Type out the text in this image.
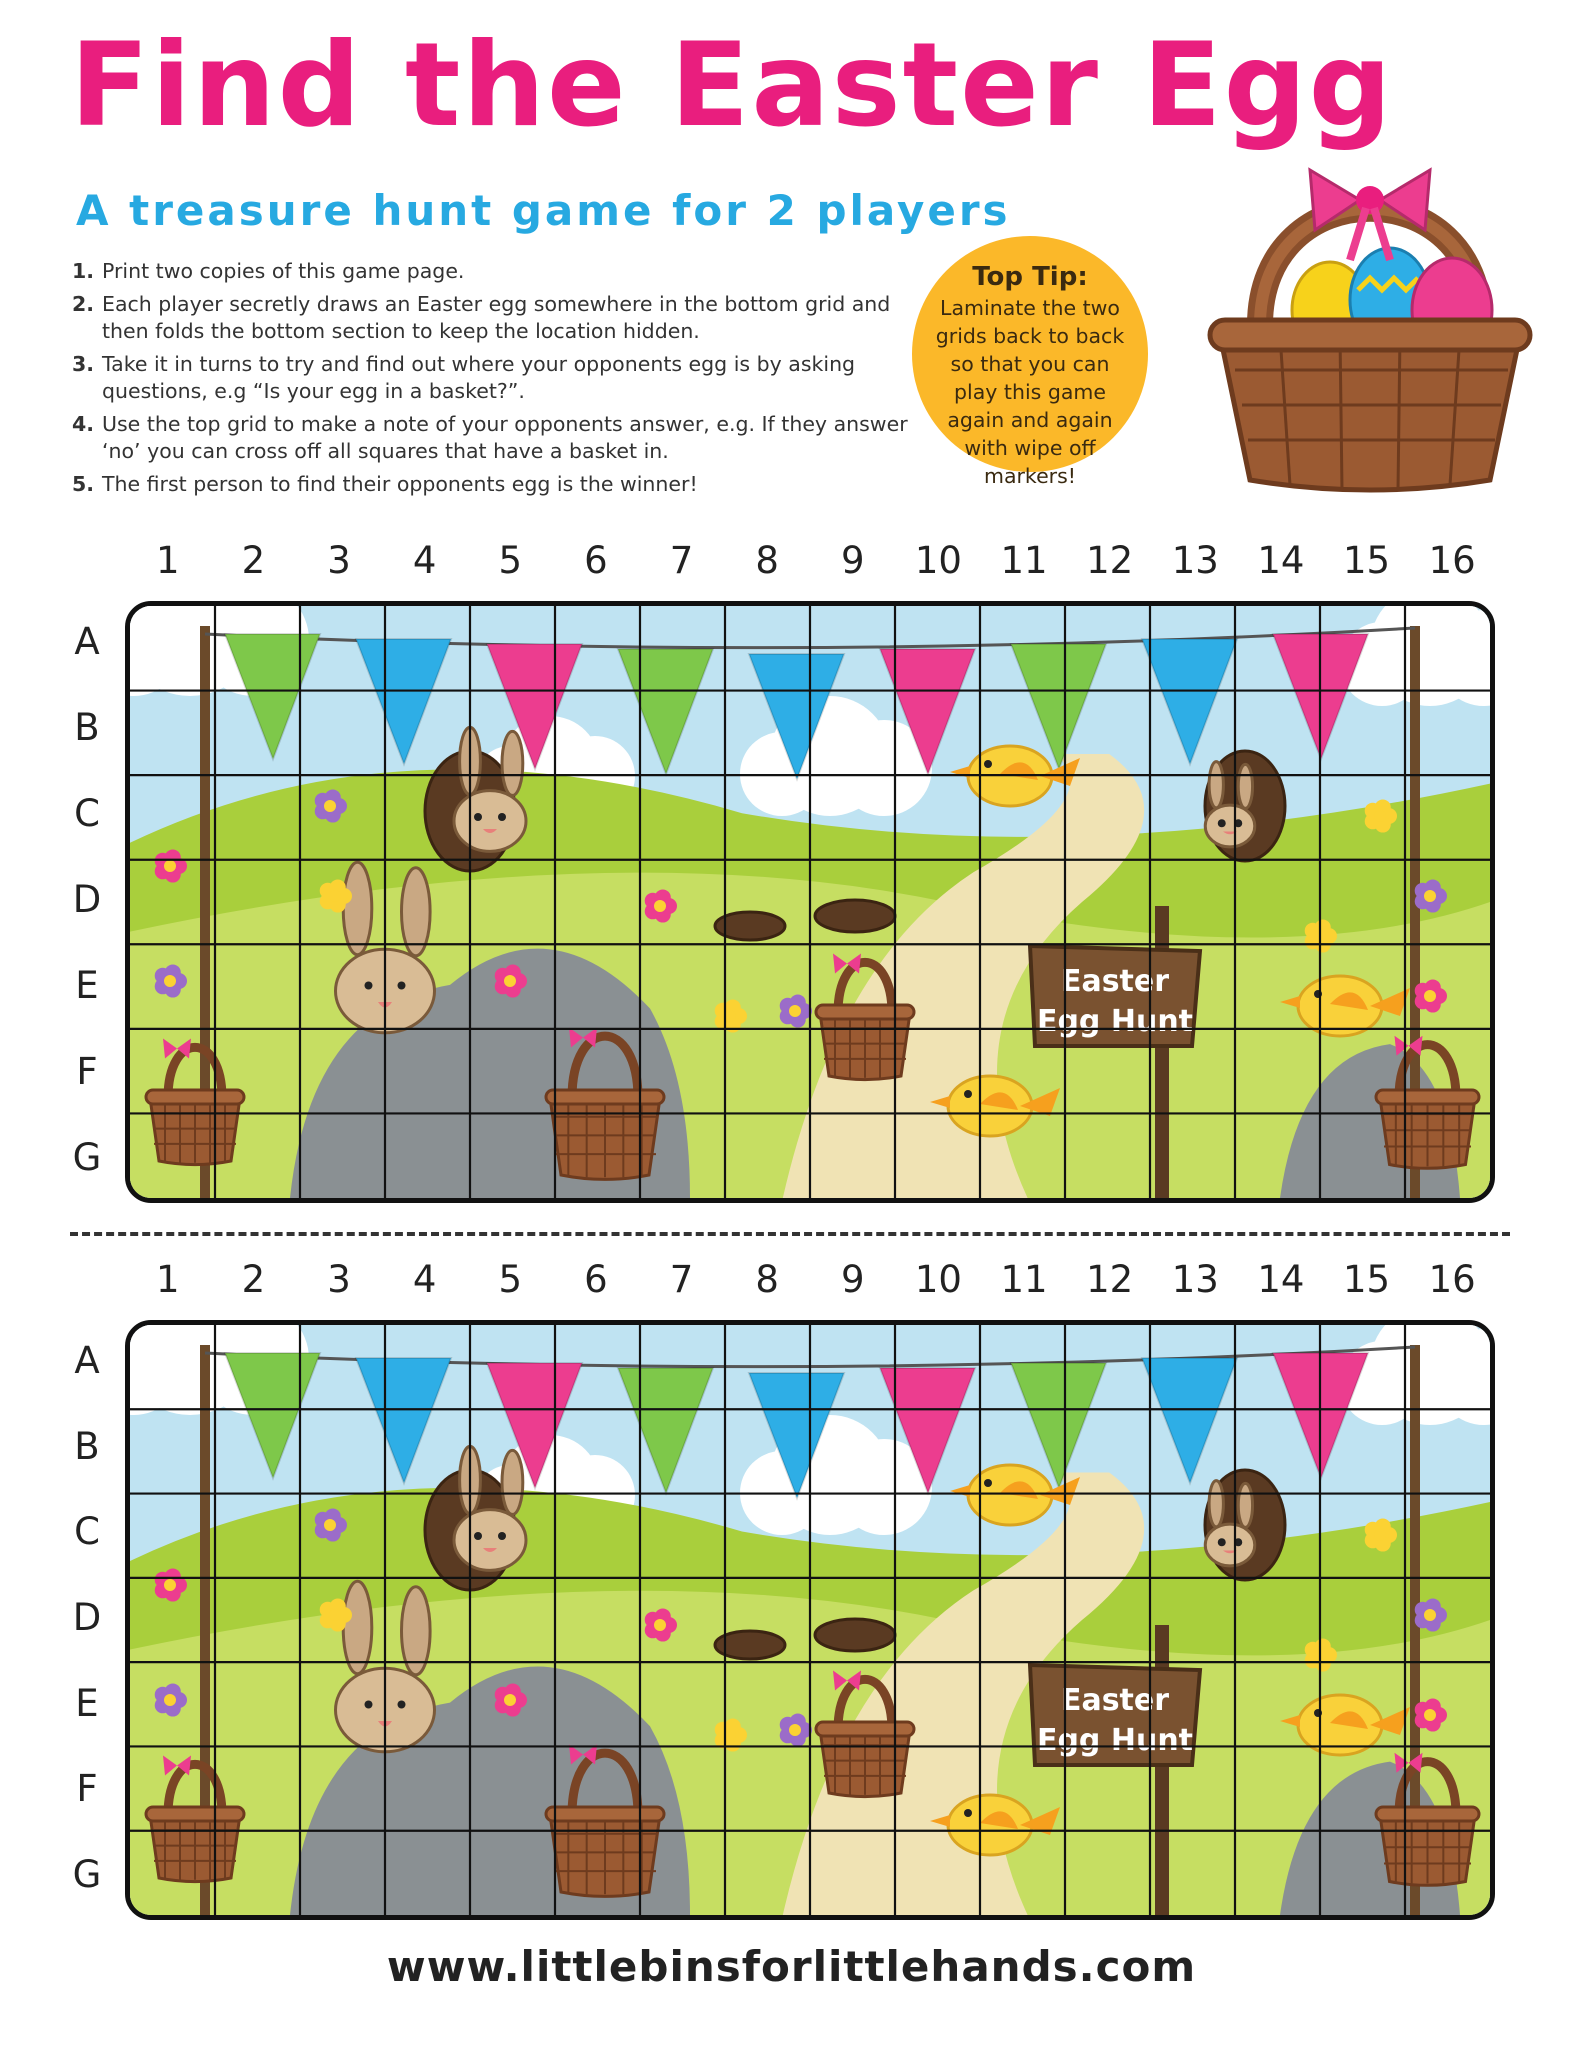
Find the Easter Egg
A treasure hunt game for 2 players
1. Print two copies of this game page.
2. Each player secretly draws an Easter egg somewhere in the bottom grid and then folds the bottom section to keep the location hidden.
3. Take it in turns to try and find out where your opponents egg is by asking questions, e.g “Is your egg in a basket?”.
4. Use the top grid to make a note of your opponents answer, e.g. If they answer ‘no’ you can cross off all squares that have a basket in.
5. The first person to find their opponents egg is the winner!
Top Tip:
Laminate the two grids back to back so that you can play this game again and again with wipe off markers!
1	2	3	4	5	6	7	8	9	10 11 12 13 14 15 16
A
B
C
D
E
F
G
Easter
Egg Hunt
1	2	3	4	5	6	7	8	9	10 11 12 13 14 15 16
A
B
C
D
E
F
G
Easter
Egg Hunt
www.littlebinsforlittlehands.com
